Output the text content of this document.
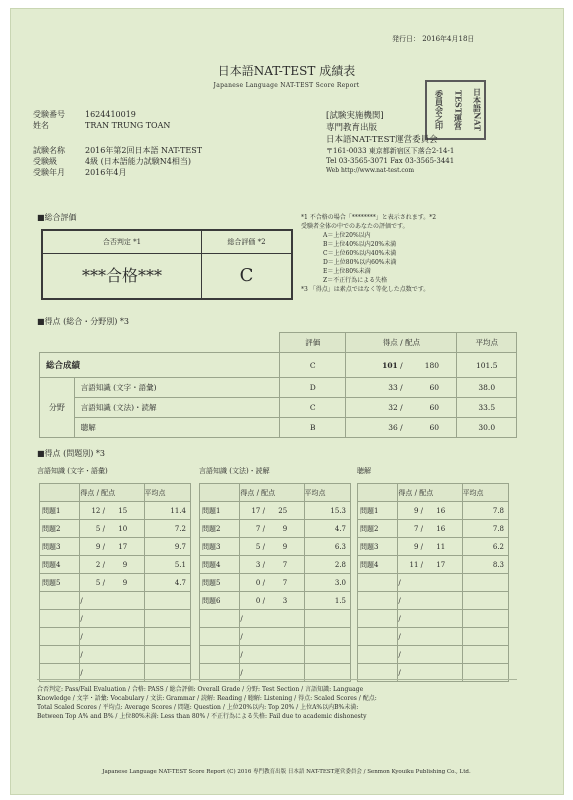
発行日： 2016年4月18日
日本語NAT-TEST 成績表
Japanese Language NAT-TEST Score Report
委員会之印	TEST運営	日本語NAT
受験番号	1624410019
姓名	TRAN TRUNG TOAN
試験名称	2016年第2回日本語 NAT-TEST
受験級	4級 (日本語能力試験N4相当)
受験年月	2016年4月
[試験実施機関]
専門教育出版
日本語NAT-TEST運営委員会
〒161-0033 東京都新宿区下落合2-14-1
Tel 03-3565-3071 Fax 03-3565-3441
Web http://www.nat-test.com
■総合評価
合否判定 *1	総合評価 *2
***合格***	C
*1 不合格の場合「********」と表示されます。*2
受験者全体の中でのあなたの評価です。
A＝上位20%以内
B＝上位40%以内20%未満
C＝上位60%以内40%未満
D＝上位80%以内60%未満
E＝上位80%未満
Z＝不正行為による失格
*3 「得点」は素点ではなく等化した点数です。
■得点 (総合・分野別) *3
		評価	得点 / 配点	平均点
総合成績		C	101 / 180	101.5
分野	言語知識 (文字・語彙)	D	33 / 60	38.0
	言語知識 (文法)・読解	C	32 / 60	33.5
	聴解	B	36 / 60	30.0
■得点 (問題別) *3
言語知識 (文字・語彙)	言語知識 (文法)・読解	聴解
	得点 / 配点	平均点
問題1	12 / 15	11.4
問題2	5 / 10	7.2
問題3	9 / 17	9.7
問題4	2 / 9	5.1
問題5	5 / 9	4.7
	/	
	/	
	/	
	/	
	/	
	得点 / 配点	平均点
問題1	17 / 25	15.3
問題2	7 / 9	4.7
問題3	5 / 9	6.3
問題4	3 / 7	2.8
問題5	0 / 7	3.0
問題6	0 / 3	1.5
	/	
	/	
	/	
	/	
	得点 / 配点	平均点
問題1	9 / 16	7.8
問題2	7 / 16	7.8
問題3	9 / 11	6.2
問題4	11 / 17	8.3
	/	
	/	
	/	
	/	
	/	
	/	
合否判定: Pass/Fail Evaluation / 合格: PASS / 総合評価: Overall Grade / 分野: Test Section / 言語知識: Language
Knowledge / 文字・語彙: Vocabulary / 文法: Grammar / 読解: Reading / 聴解: Listening / 得点: Scaled Scores / 配点:
Total Scaled Scores / 平均点: Average Scores / 問題: Question / 上位20%以内: Top 20% / 上位A%以内B%未満:
Between Top A% and B% / 上位80%未満: Less than 80% / 不正行為による失格: Fail due to academic dishonesty
Japanese Language NAT-TEST Score Report (C) 2016 専門教育出版 日本語 NAT-TEST運営委員会 / Senmon Kyouiku Publishing Co., Ltd.
